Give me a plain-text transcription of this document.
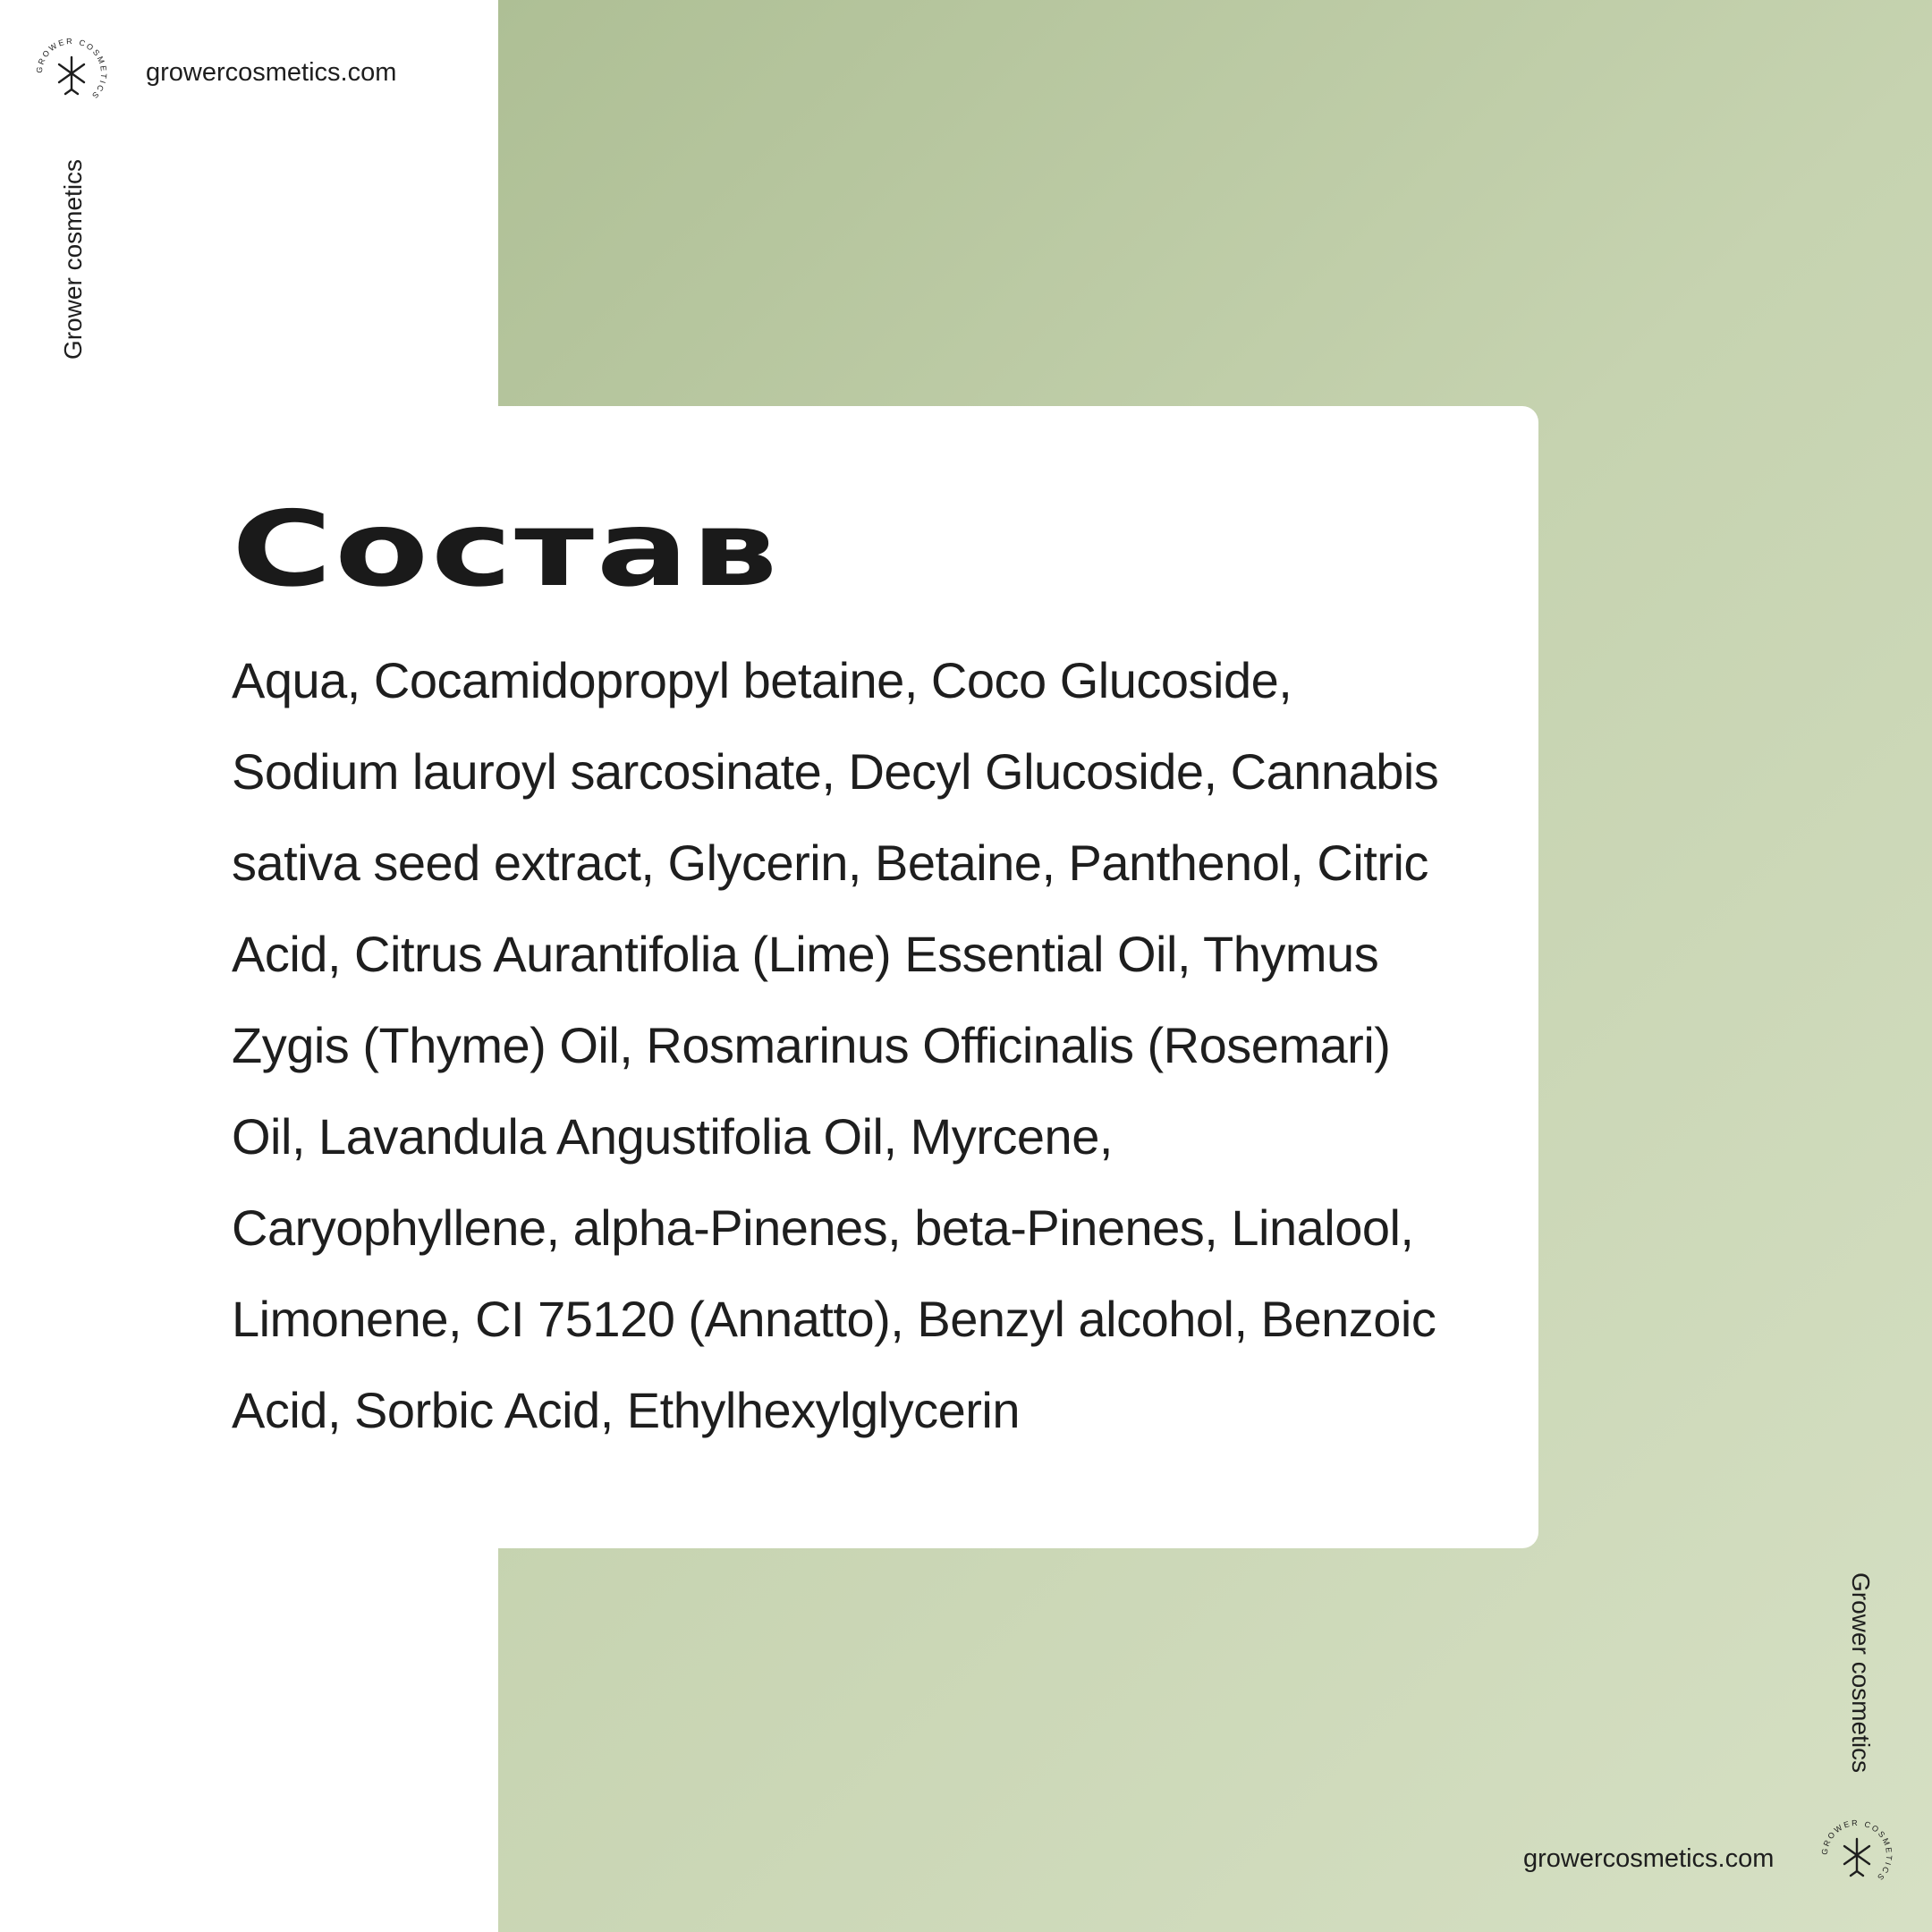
GROWER COSMETICS
growercosmetics.com
Grower cosmetics
Состав

Aqua, Cocamidopropyl betaine, Coco Glucoside,
Sodium lauroyl sarcosinate, Decyl Glucoside, Cannabis
sativa seed extract, Glycerin, Betaine, Panthenol, Citric
Acid, Citrus Aurantifolia (Lime) Essential Oil, Thymus
Zygis (Thyme) Oil, Rosmarinus Officinalis (Rosemari)
Oil, Lavandula Angustifolia Oil, Myrcene,
Caryophyllene, alpha-Pinenes, beta-Pinenes, Linalool,
Limonene, CI 75120 (Annatto), Benzyl alcohol, Benzoic
Acid, Sorbic Acid, Ethylhexylglycerin

Grower cosmetics
growercosmetics.com	GROWER COSMETICS
